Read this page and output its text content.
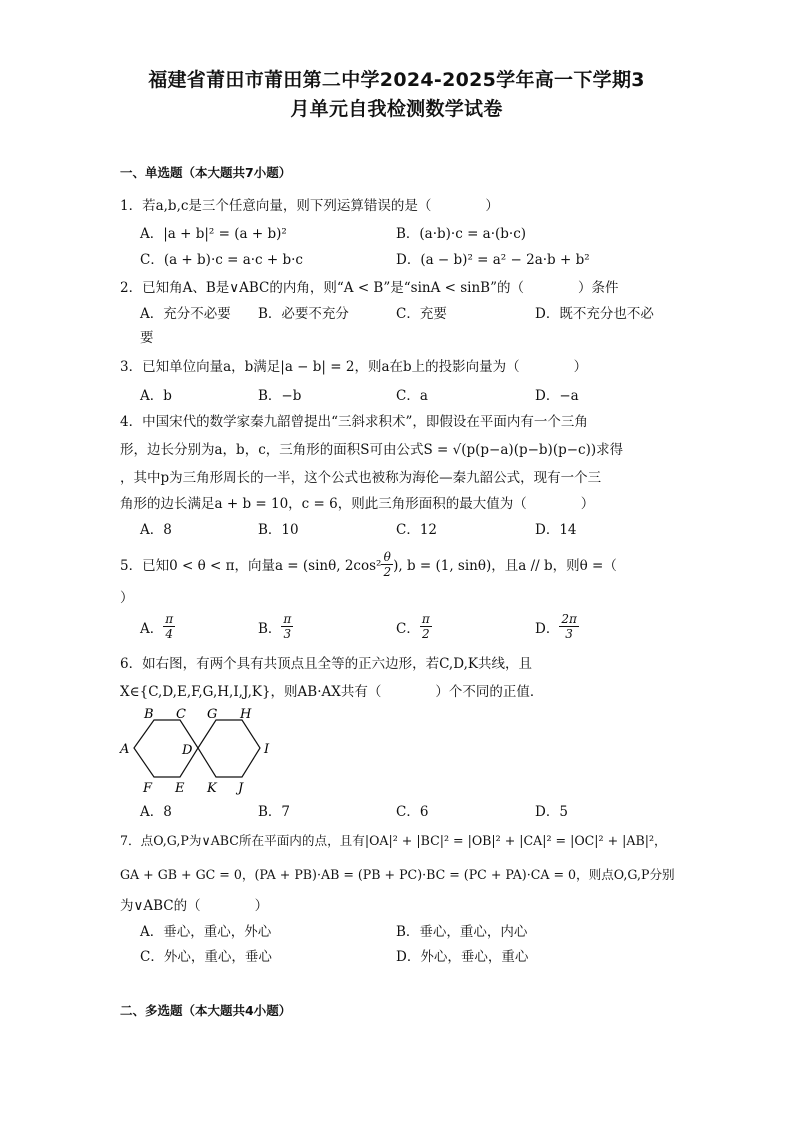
福建省莆田市莆田第二中学2024-2025学年高一下学期3
月单元自我检测数学试卷
一、单选题（本大题共7小题）
1．若a,b,c是三个任意向量，则下列运算错误的是（　　　　）
A．|a + b|² = (a + b)²	B．(a·b)·c = a·(b·c)
C．(a + b)·c = a·c + b·c	D．(a − b)² = a² − 2a·b + b²
2．已知角A、B是∨ABC的内角，则“A < B”是“sinA < sinB”的（　　　　）条件
A．充分不必要 B．必要不充分	C．充要	D．既不充分也不必
要
3．已知单位向量a，b满足|a − b| = 2，则a在b上的投影向量为（　　　　）
A．b	B．−b	C．a	D．−a
4．中国宋代的数学家秦九韶曾提出“三斜求积术”，即假设在平面内有一个三角
形，边长分别为a，b，c，三角形的面积S可由公式S = √(p(p−a)(p−b)(p−c))求得
，其中p为三角形周长的一半，这个公式也被称为海伦—秦九韶公式，现有一个三
角形的边长满足a + b = 10，c = 6，则此三角形面积的最大值为（　　　　）
A．8	B．10	C．12	D．14
5．已知0 < θ < π，向量a = (sinθ, $2\cos^2 \frac{\theta}{2}$ ), b = (1, sinθ)，且a // b，则θ =（
）
A． $\frac{\pi}{4}$	B． $\frac{\pi}{3}$	C． $\frac{\pi}{2}$	D． $\frac{2\pi}{3}$
6．如右图，有两个具有共顶点且全等的正六边形，若C,D,K共线，且
X∈{C,D,E,F,G,H,I,J,K}，则AB·AX共有（　　　　）个不同的正值．
A
B C
D
E
F
G H
I
J
K
A．8	B．7	C．6	D．5
7．点O,G,P为∨ABC所在平面内的点，且有|OA|² + |BC|² = |OB|² + |CA|² = |OC|² + |AB|²，
GA + GB + GC = 0，(PA + PB)·AB = (PB + PC)·BC = (PC + PA)·CA = 0，则点O,G,P分别
为∨ABC的（　　　　）
A．垂心，重心，外心	B．垂心，重心，内心
C．外心，重心，垂心	D．外心，垂心，重心
二、多选题（本大题共4小题）
